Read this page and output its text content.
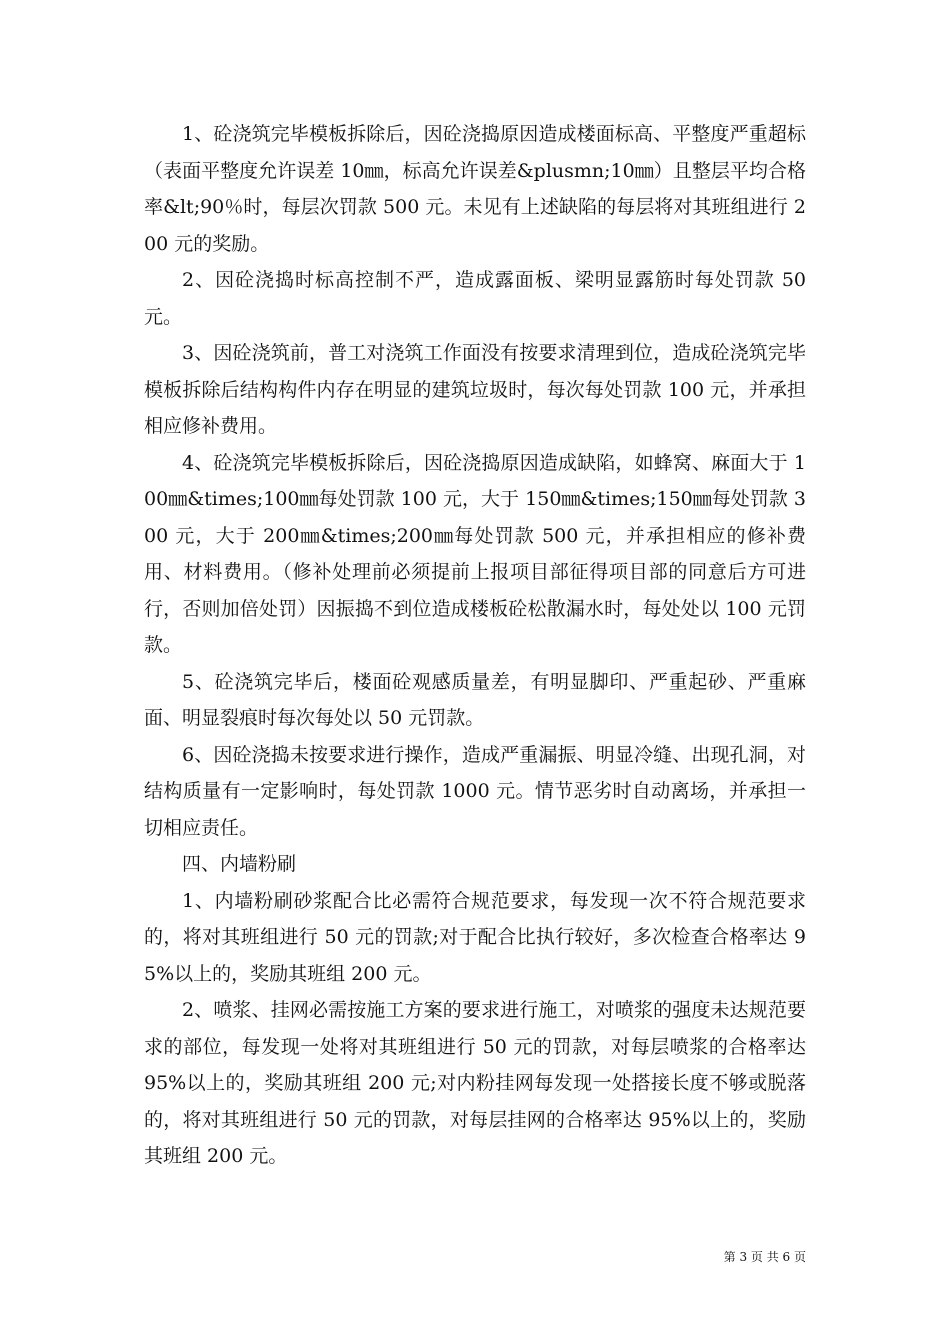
1、砼浇筑完毕模板拆除后，因砼浇捣原因造成楼面标高、平整度严重超标（表面平整度允许误差 10㎜，标高允许误差&plusmn;10㎜）且整层平均合格率&lt;90％时，每层次罚款 500 元。未见有上述缺陷的每层将对其班组进行 200 元的奖励。

2、因砼浇捣时标高控制不严，造成露面板、梁明显露筋时每处罚款 50 元。

3、因砼浇筑前，普工对浇筑工作面没有按要求清理到位，造成砼浇筑完毕模板拆除后结构构件内存在明显的建筑垃圾时，每次每处罚款 100 元，并承担相应修补费用。

4、砼浇筑完毕模板拆除后，因砼浇捣原因造成缺陷，如蜂窝、麻面大于 100㎜&times;100㎜每处罚款 100 元，大于 150㎜&times;150㎜每处罚款 300 元，大于 200㎜&times;200㎜每处罚款 500 元，并承担相应的修补费用、材料费用。（修补处理前必须提前上报项目部征得项目部的同意后方可进行，否则加倍处罚）因振捣不到位造成楼板砼松散漏水时，每处处以 100 元罚款。

5、砼浇筑完毕后，楼面砼观感质量差，有明显脚印、严重起砂、严重麻面、明显裂痕时每次每处以 50 元罚款。

6、因砼浇捣未按要求进行操作，造成严重漏振、明显冷缝、出现孔洞，对结构质量有一定影响时，每处罚款 1000 元。情节恶劣时自动离场，并承担一切相应责任。

四、内墙粉刷

1、内墙粉刷砂浆配合比必需符合规范要求，每发现一次不符合规范要求的，将对其班组进行 50 元的罚款;对于配合比执行较好，多次检查合格率达 95%以上的，奖励其班组 200 元。

2、喷浆、挂网必需按施工方案的要求进行施工，对喷浆的强度未达规范要求的部位，每发现一处将对其班组进行 50 元的罚款，对每层喷浆的合格率达 95%以上的，奖励其班组 200 元;对内粉挂网每发现一处搭接长度不够或脱落的，将对其班组进行 50 元的罚款，对每层挂网的合格率达 95%以上的，奖励其班组 200 元。

第 3 页 共 6 页
